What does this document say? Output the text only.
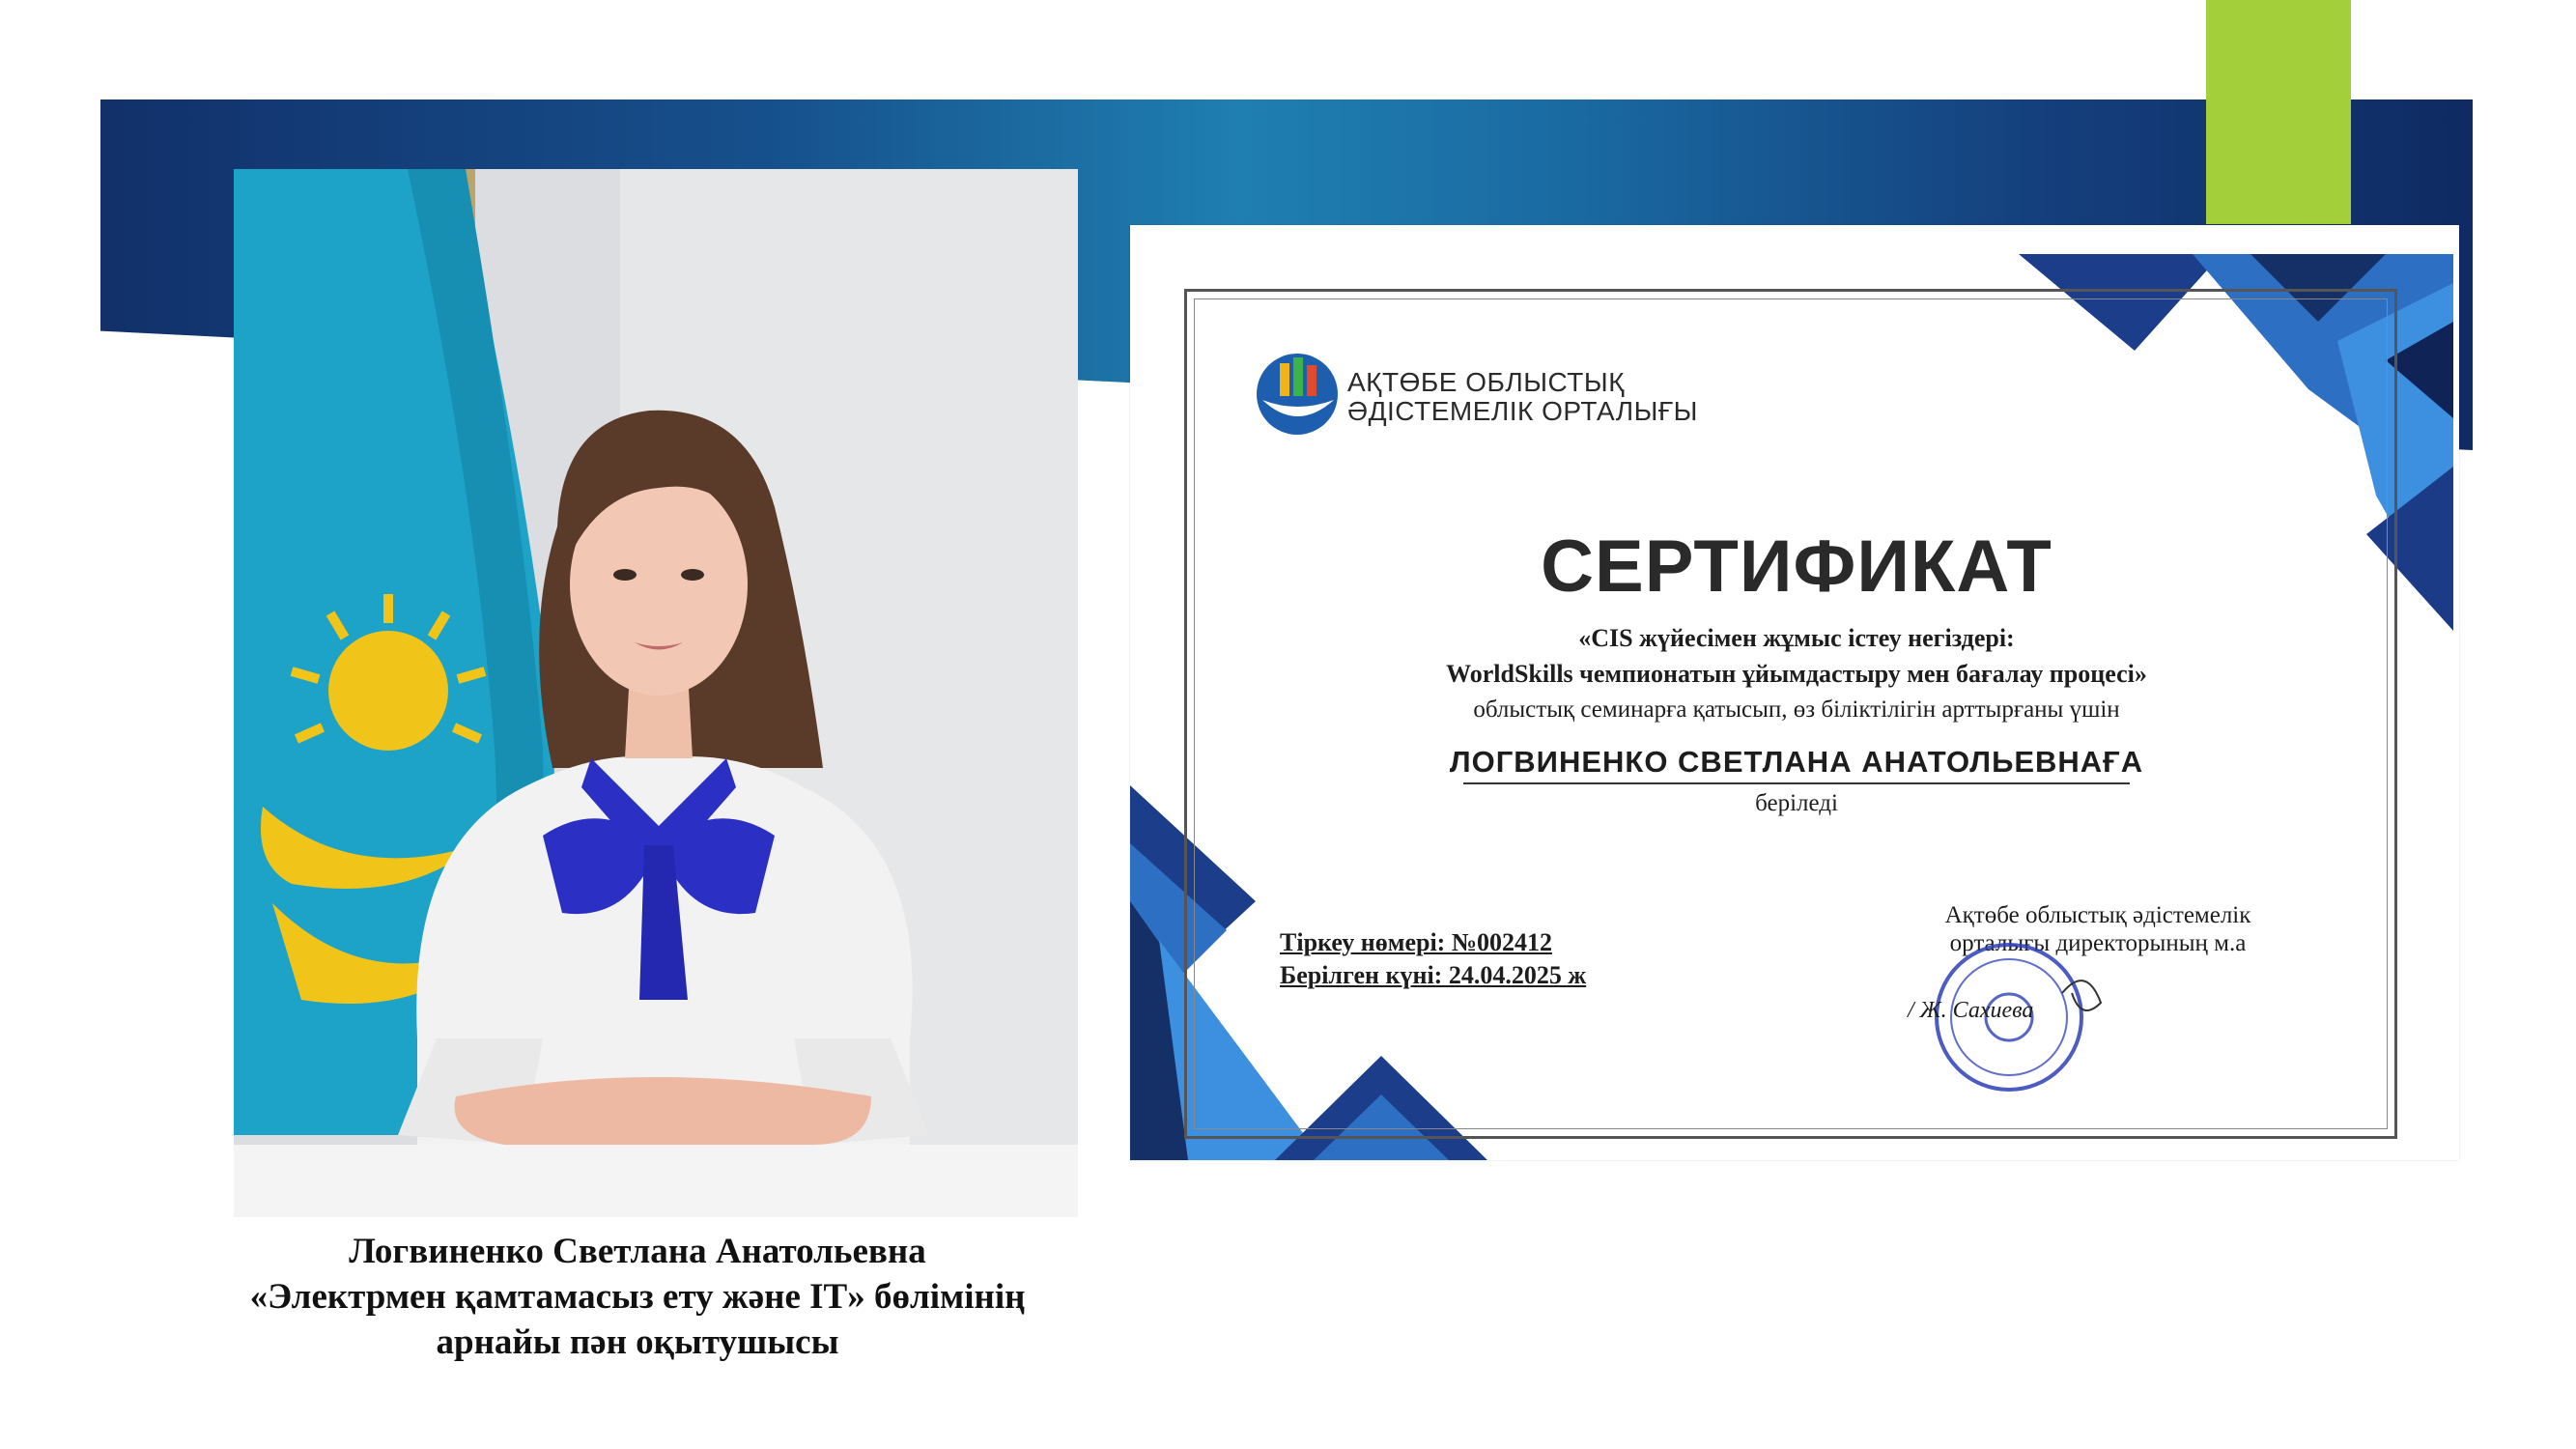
Логвиненко Светлана Анатольевна
«Электрмен қамтамасыз ету және IT» бөлімінің
арнайы пән оқытушысы
АҚТӨБЕ ОБЛЫСТЫҚ
ӘДІСТЕМЕЛІК ОРТАЛЫҒЫ
СЕРТИФИКАТ
«CIS жүйесімен жұмыс істеу негіздері:
WorldSkills чемпионатын ұйымдастыру мен бағалау процесі»
облыстық семинарға қатысып, өз біліктілігін арттырғаны үшін
ЛОГВИНЕНКО СВЕТЛАНА АНАТОЛЬЕВНАҒА
беріледі
Тіркеу нөмері: №002412
Берілген күні: 24.04.2025 ж
Ақтөбе облыстық әдістемелік
орталығы директорының м.а
/ Ж. Сахиева
